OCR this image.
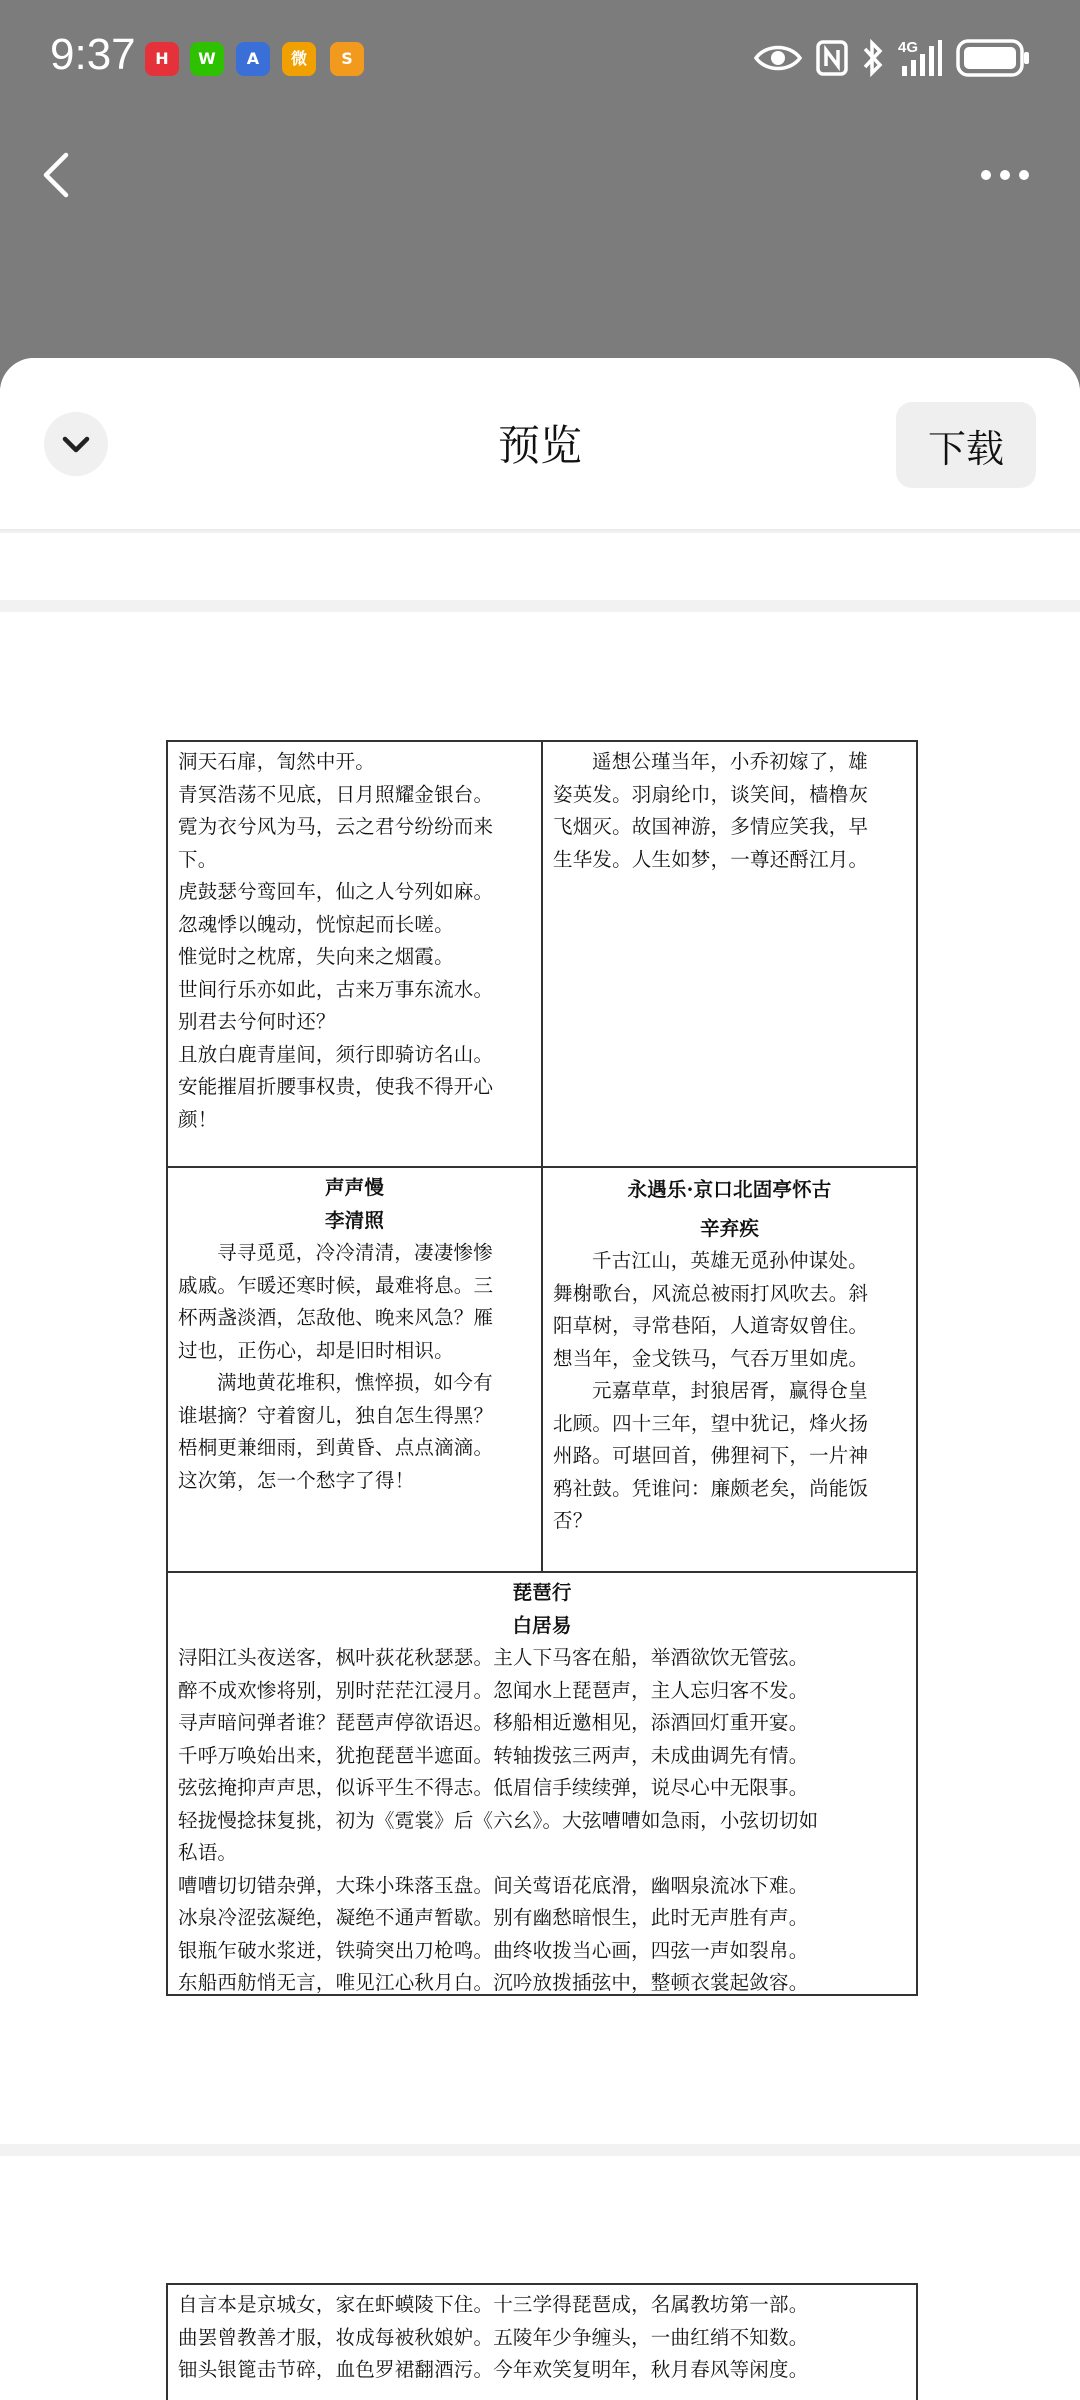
9:37	H	W	A	微	S
4G
预览	下载
洞天石扉，訇然中开。
青冥浩荡不见底，日月照耀金银台。
霓为衣兮风为马，云之君兮纷纷而来
下。
虎鼓瑟兮鸾回车，仙之人兮列如麻。
忽魂悸以魄动，恍惊起而长嗟。
惟觉时之枕席，失向来之烟霞。
世间行乐亦如此，古来万事东流水。
别君去兮何时还？
且放白鹿青崖间，须行即骑访名山。
安能摧眉折腰事权贵，使我不得开心
颜！
遥想公瑾当年，小乔初嫁了，雄
姿英发。羽扇纶巾，谈笑间，樯橹灰
飞烟灭。故国神游，多情应笑我，早
生华发。人生如梦，一尊还酹江月。
声声慢
李清照
寻寻觅觅，冷冷清清，凄凄惨惨
戚戚。乍暖还寒时候，最难将息。三
杯两盏淡酒，怎敌他、晚来风急？雁
过也，正伤心，却是旧时相识。
满地黄花堆积，憔悴损，如今有
谁堪摘？守着窗儿，独自怎生得黑？
梧桐更兼细雨，到黄昏、点点滴滴。
这次第，怎一个愁字了得！
永遇乐·京口北固亭怀古
辛弃疾
千古江山，英雄无觅孙仲谋处。
舞榭歌台，风流总被雨打风吹去。斜
阳草树，寻常巷陌，人道寄奴曾住。
想当年，金戈铁马，气吞万里如虎。
元嘉草草，封狼居胥，赢得仓皇
北顾。四十三年，望中犹记，烽火扬
州路。可堪回首，佛狸祠下，一片神
鸦社鼓。凭谁问：廉颇老矣，尚能饭
否？
琵琶行
白居易
浔阳江头夜送客，枫叶荻花秋瑟瑟。主人下马客在船，举酒欲饮无管弦。
醉不成欢惨将别，别时茫茫江浸月。忽闻水上琵琶声，主人忘归客不发。
寻声暗问弹者谁？琵琶声停欲语迟。移船相近邀相见，添酒回灯重开宴。
千呼万唤始出来，犹抱琵琶半遮面。转轴拨弦三两声，未成曲调先有情。
弦弦掩抑声声思，似诉平生不得志。低眉信手续续弹，说尽心中无限事。
轻拢慢捻抹复挑，初为《霓裳》后《六幺》。大弦嘈嘈如急雨，小弦切切如
私语。
嘈嘈切切错杂弹，大珠小珠落玉盘。间关莺语花底滑，幽咽泉流冰下难。
冰泉冷涩弦凝绝，凝绝不通声暂歇。别有幽愁暗恨生，此时无声胜有声。
银瓶乍破水浆迸，铁骑突出刀枪鸣。曲终收拨当心画，四弦一声如裂帛。
东船西舫悄无言，唯见江心秋月白。沉吟放拨插弦中，整顿衣裳起敛容。
自言本是京城女，家在虾蟆陵下住。十三学得琵琶成，名属教坊第一部。
曲罢曾教善才服，妆成每被秋娘妒。五陵年少争缠头，一曲红绡不知数。
钿头银篦击节碎，血色罗裙翻酒污。今年欢笑复明年，秋月春风等闲度。
